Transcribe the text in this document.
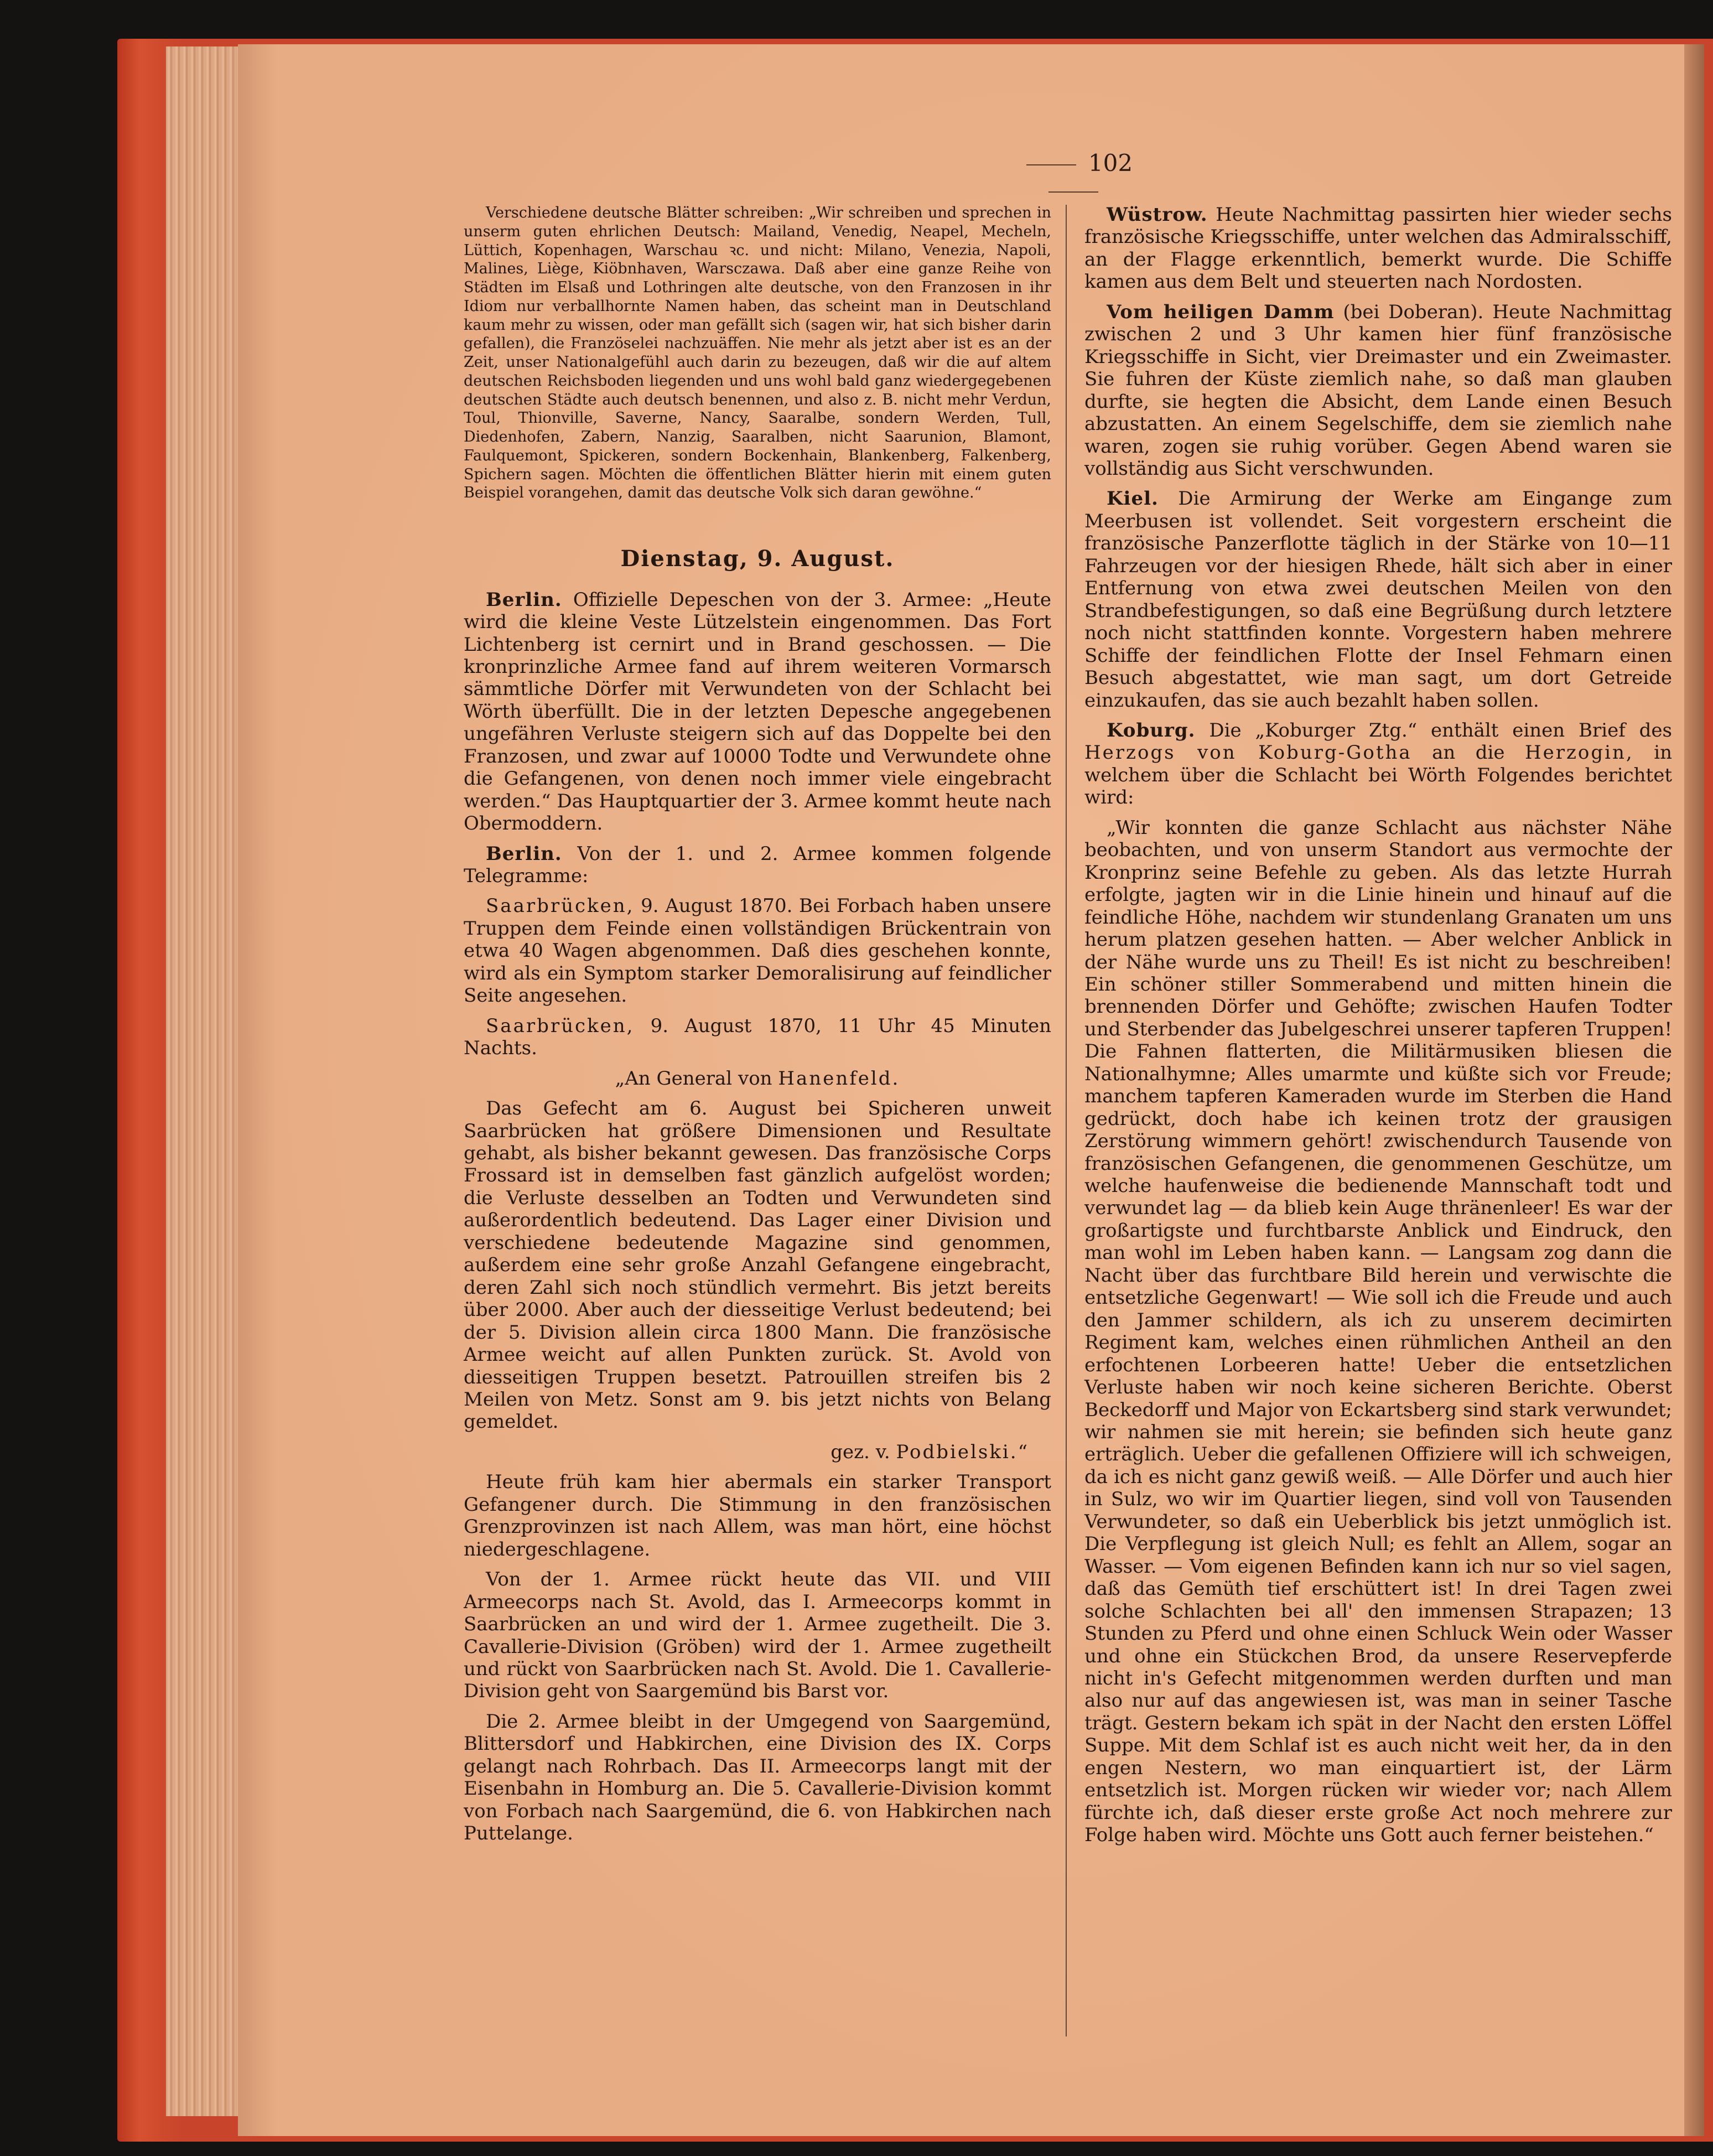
102

Verschiedene deutsche Blätter schreiben: „Wir schreiben und sprechen in unserm guten ehrlichen Deutsch: Mailand, Venedig, Neapel, Mecheln, Lüttich, Kopenhagen, Warschau ꝛc. und nicht: Milano, Venezia, Napoli, Malines, Liège, Kiöbnhaven, Warsczawa. Daß aber eine ganze Reihe von Städten im Elsaß und Lothringen alte deutsche, von den Franzosen in ihr Idiom nur verballhornte Namen haben, das scheint man in Deutschland kaum mehr zu wissen, oder man gefällt sich (sagen wir, hat sich bisher darin gefallen), die Französelei nachzuäffen. Nie mehr als jetzt aber ist es an der Zeit, unser Nationalgefühl auch darin zu bezeugen, daß wir die auf altem deutschen Reichsboden liegenden und uns wohl bald ganz wiedergegebenen deutschen Städte auch deutsch benennen, und also z. B. nicht mehr Verdun, Toul, Thionville, Saverne, Nancy, Saaralbe, sondern Werden, Tull, Diedenhofen, Zabern, Nanzig, Saaralben, nicht Saarunion, Blamont, Faulquemont, Spickeren, sondern Bockenhain, Blankenberg, Falkenberg, Spichern sagen. Möchten die öffentlichen Blätter hierin mit einem guten Beispiel vorangehen, damit das deutsche Volk sich daran gewöhne.“

Dienstag, 9. August.

Berlin. Offizielle Depeschen von der 3. Armee: „Heute wird die kleine Veste Lützelstein eingenommen. Das Fort Lichtenberg ist cernirt und in Brand geschossen. — Die kronprinzliche Armee fand auf ihrem weiteren Vormarsch sämmtliche Dörfer mit Verwundeten von der Schlacht bei Wörth überfüllt. Die in der letzten Depesche angegebenen ungefähren Verluste steigern sich auf das Doppelte bei den Franzosen, und zwar auf 10000 Todte und Verwundete ohne die Gefangenen, von denen noch immer viele eingebracht werden.“ Das Hauptquartier der 3. Armee kommt heute nach Obermoddern.

Berlin. Von der 1. und 2. Armee kommen folgende Telegramme:

Saarbrücken, 9. August 1870. Bei Forbach haben unsere Truppen dem Feinde einen vollständigen Brückentrain von etwa 40 Wagen abgenommen. Daß dies geschehen konnte, wird als ein Symptom starker Demoralisirung auf feindlicher Seite angesehen.

Saarbrücken, 9. August 1870, 11 Uhr 45 Minuten Nachts.

„An General von Hanenfeld.

Das Gefecht am 6. August bei Spicheren unweit Saarbrücken hat größere Dimensionen und Resultate gehabt, als bisher bekannt gewesen. Das französische Corps Frossard ist in demselben fast gänzlich aufgelöst worden; die Verluste desselben an Todten und Verwundeten sind außerordentlich bedeutend. Das Lager einer Division und verschiedene bedeutende Magazine sind genommen, außerdem eine sehr große Anzahl Gefangene eingebracht, deren Zahl sich noch stündlich vermehrt. Bis jetzt bereits über 2000. Aber auch der diesseitige Verlust bedeutend; bei der 5. Division allein circa 1800 Mann. Die französische Armee weicht auf allen Punkten zurück. St. Avold von diesseitigen Truppen besetzt. Patrouillen streifen bis 2 Meilen von Metz. Sonst am 9. bis jetzt nichts von Belang gemeldet.

gez. v. Podbielski.“

Heute früh kam hier abermals ein starker Transport Gefangener durch. Die Stimmung in den französischen Grenzprovinzen ist nach Allem, was man hört, eine höchst niedergeschlagene.

Von der 1. Armee rückt heute das VII. und VIII Armeecorps nach St. Avold, das I. Armeecorps kommt in Saarbrücken an und wird der 1. Armee zugetheilt. Die 3. Cavallerie-Division (Gröben) wird der 1. Armee zugetheilt und rückt von Saarbrücken nach St. Avold. Die 1. Cavallerie-Division geht von Saargemünd bis Barst vor.

Die 2. Armee bleibt in der Umgegend von Saargemünd, Blittersdorf und Habkirchen, eine Division des IX. Corps gelangt nach Rohrbach. Das II. Armeecorps langt mit der Eisenbahn in Homburg an. Die 5. Cavallerie-Division kommt von Forbach nach Saargemünd, die 6. von Habkirchen nach Puttelange.

Wüstrow. Heute Nachmittag passirten hier wieder sechs französische Kriegsschiffe, unter welchen das Admiralsschiff, an der Flagge erkenntlich, bemerkt wurde. Die Schiffe kamen aus dem Belt und steuerten nach Nordosten.

Vom heiligen Damm (bei Doberan). Heute Nachmittag zwischen 2 und 3 Uhr kamen hier fünf französische Kriegsschiffe in Sicht, vier Dreimaster und ein Zweimaster. Sie fuhren der Küste ziemlich nahe, so daß man glauben durfte, sie hegten die Absicht, dem Lande einen Besuch abzustatten. An einem Segelschiffe, dem sie ziemlich nahe waren, zogen sie ruhig vorüber. Gegen Abend waren sie vollständig aus Sicht verschwunden.

Kiel. Die Armirung der Werke am Eingange zum Meerbusen ist vollendet. Seit vorgestern erscheint die französische Panzerflotte täglich in der Stärke von 10—11 Fahrzeugen vor der hiesigen Rhede, hält sich aber in einer Entfernung von etwa zwei deutschen Meilen von den Strandbefestigungen, so daß eine Begrüßung durch letztere noch nicht stattfinden konnte. Vorgestern haben mehrere Schiffe der feindlichen Flotte der Insel Fehmarn einen Besuch abgestattet, wie man sagt, um dort Getreide einzukaufen, das sie auch bezahlt haben sollen.

Koburg. Die „Koburger Ztg.“ enthält einen Brief des Herzogs von Koburg-Gotha an die Herzogin, in welchem über die Schlacht bei Wörth Folgendes berichtet wird:

„Wir konnten die ganze Schlacht aus nächster Nähe beobachten, und von unserm Standort aus vermochte der Kronprinz seine Befehle zu geben. Als das letzte Hurrah erfolgte, jagten wir in die Linie hinein und hinauf auf die feindliche Höhe, nachdem wir stundenlang Granaten um uns herum platzen gesehen hatten. — Aber welcher Anblick in der Nähe wurde uns zu Theil! Es ist nicht zu beschreiben! Ein schöner stiller Sommerabend und mitten hinein die brennenden Dörfer und Gehöfte; zwischen Haufen Todter und Sterbender das Jubelgeschrei unserer tapferen Truppen! Die Fahnen flatterten, die Militärmusiken bliesen die Nationalhymne; Alles umarmte und küßte sich vor Freude; manchem tapferen Kameraden wurde im Sterben die Hand gedrückt, doch habe ich keinen trotz der grausigen Zerstörung wimmern gehört! zwischendurch Tausende von französischen Gefangenen, die genommenen Geschütze, um welche haufenweise die bedienende Mannschaft todt und verwundet lag — da blieb kein Auge thränenleer! Es war der großartigste und furchtbarste Anblick und Eindruck, den man wohl im Leben haben kann. — Langsam zog dann die Nacht über das furchtbare Bild herein und verwischte die entsetzliche Gegenwart! — Wie soll ich die Freude und auch den Jammer schildern, als ich zu unserem decimirten Regiment kam, welches einen rühmlichen Antheil an den erfochtenen Lorbeeren hatte! Ueber die entsetzlichen Verluste haben wir noch keine sicheren Berichte. Oberst Beckedorff und Major von Eckartsberg sind stark verwundet; wir nahmen sie mit herein; sie befinden sich heute ganz erträglich. Ueber die gefallenen Offiziere will ich schweigen, da ich es nicht ganz gewiß weiß. — Alle Dörfer und auch hier in Sulz, wo wir im Quartier liegen, sind voll von Tausenden Verwundeter, so daß ein Ueberblick bis jetzt unmöglich ist. Die Verpflegung ist gleich Null; es fehlt an Allem, sogar an Wasser. — Vom eigenen Befinden kann ich nur so viel sagen, daß das Gemüth tief erschüttert ist! In drei Tagen zwei solche Schlachten bei all' den immensen Strapazen; 13 Stunden zu Pferd und ohne einen Schluck Wein oder Wasser und ohne ein Stückchen Brod, da unsere Reservepferde nicht in's Gefecht mitgenommen werden durften und man also nur auf das angewiesen ist, was man in seiner Tasche trägt. Gestern bekam ich spät in der Nacht den ersten Löffel Suppe. Mit dem Schlaf ist es auch nicht weit her, da in den engen Nestern, wo man einquartiert ist, der Lärm entsetzlich ist. Morgen rücken wir wieder vor; nach Allem fürchte ich, daß dieser erste große Act noch mehrere zur Folge haben wird. Möchte uns Gott auch ferner beistehen.“
